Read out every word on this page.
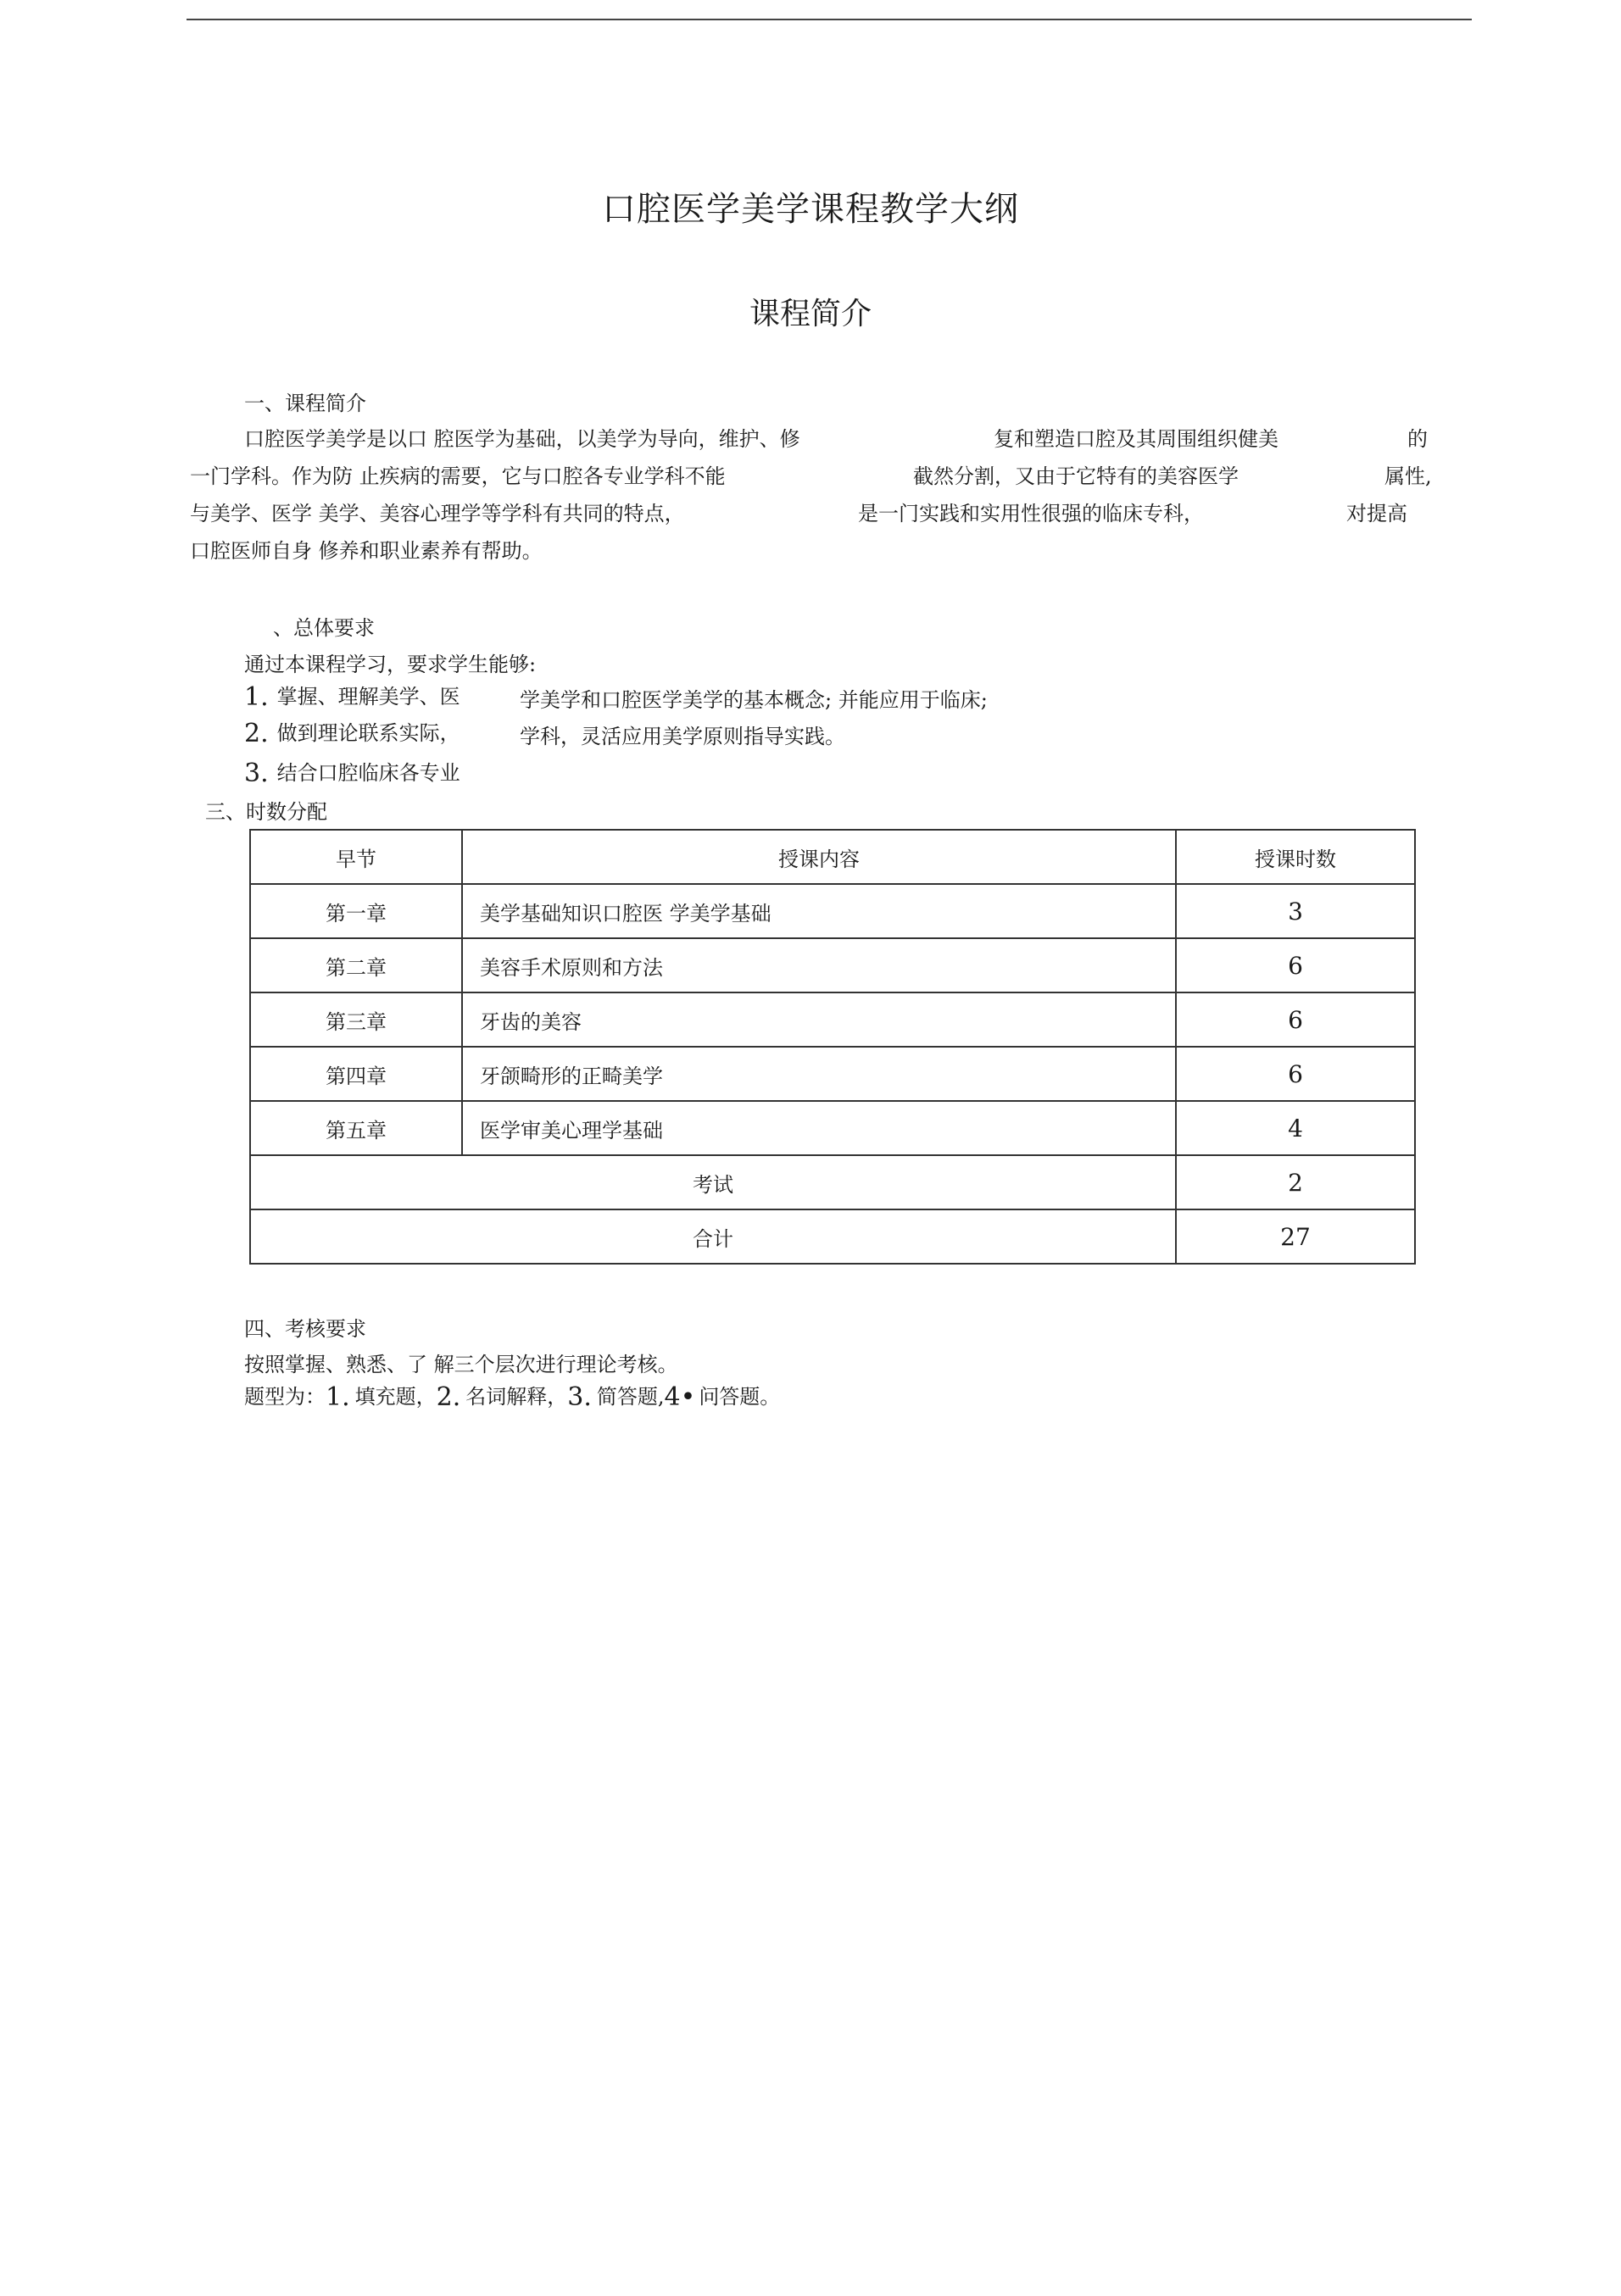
口腔医学美学课程教学大纲
课程简介
一、课程简介
口腔医学美学是以口 腔医学为基础，以美学为导向，维护、修	复和塑造口腔及其周围组织健美	的
一门学科。作为防 止疾病的需要，它与口腔各专业学科不能	截然分割，又由于它特有的美容医学	属性,
与美学、医学 美学、美容心理学等学科有共同的特点，	是一门实践和实用性很强的临床专科，	对提高
口腔医师自身 修养和职业素养有帮助。
、总体要求
通过本课程学习，要求学生能够:
1. 掌握、理解美学、医	学美学和口腔医学美学的基本概念; 并能应用于临床;
2. 做到理论联系实际，	学科，灵活应用美学原则指导实践。
3. 结合口腔临床各专业
三、时数分配
早节	授课内容	授课时数
第一章	美学基础知识口腔医 学美学基础	3
第二章	美容手术原则和方法	6
第三章	牙齿的美容	6
第四章	牙颌畸形的正畸美学	6
第五章	医学审美心理学基础	4
考试		2
合计		27
四、考核要求
按照掌握、熟悉、了 解三个层次进行理论考核。
题型为：1. 填充题，2. 名词解释，3. 简答题,4• 问答题。
